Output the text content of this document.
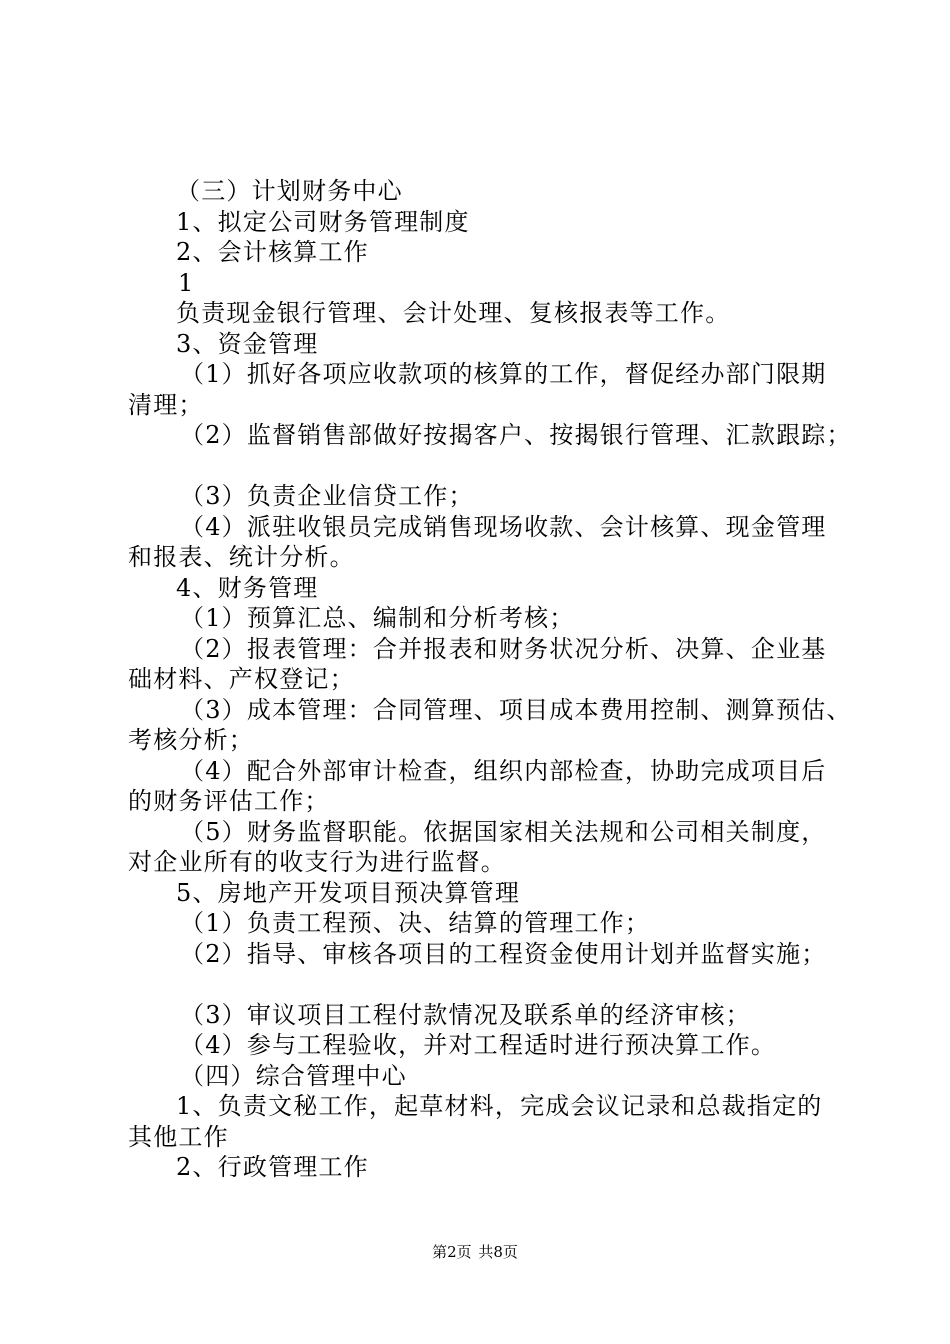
（三）计划财务中心
1、拟定公司财务管理制度
2、会计核算工作
1
负责现金银行管理、会计处理、复核报表等工作。
3、资金管理
（1）抓好各项应收款项的核算的工作，督促经办部门限期
清理；
（2）监督销售部做好按揭客户、按揭银行管理、汇款跟踪；
（3）负责企业信贷工作；
（4）派驻收银员完成销售现场收款、会计核算、现金管理
和报表、统计分析。
4、财务管理
（1）预算汇总、编制和分析考核；
（2）报表管理：合并报表和财务状况分析、决算、企业基
础材料、产权登记；
（3）成本管理：合同管理、项目成本费用控制、测算预估、
考核分析；
（4）配合外部审计检查，组织内部检查，协助完成项目后
的财务评估工作；
（5）财务监督职能。依据国家相关法规和公司相关制度，
对企业所有的收支行为进行监督。
5、房地产开发项目预决算管理
（1）负责工程预、决、结算的管理工作；
（2）指导、审核各项目的工程资金使用计划并监督实施；
（3）审议项目工程付款情况及联系单的经济审核；
（4）参与工程验收，并对工程适时进行预决算工作。
（四）综合管理中心
1、负责文秘工作，起草材料，完成会议记录和总裁指定的
其他工作
2、行政管理工作
第2页 共8页
